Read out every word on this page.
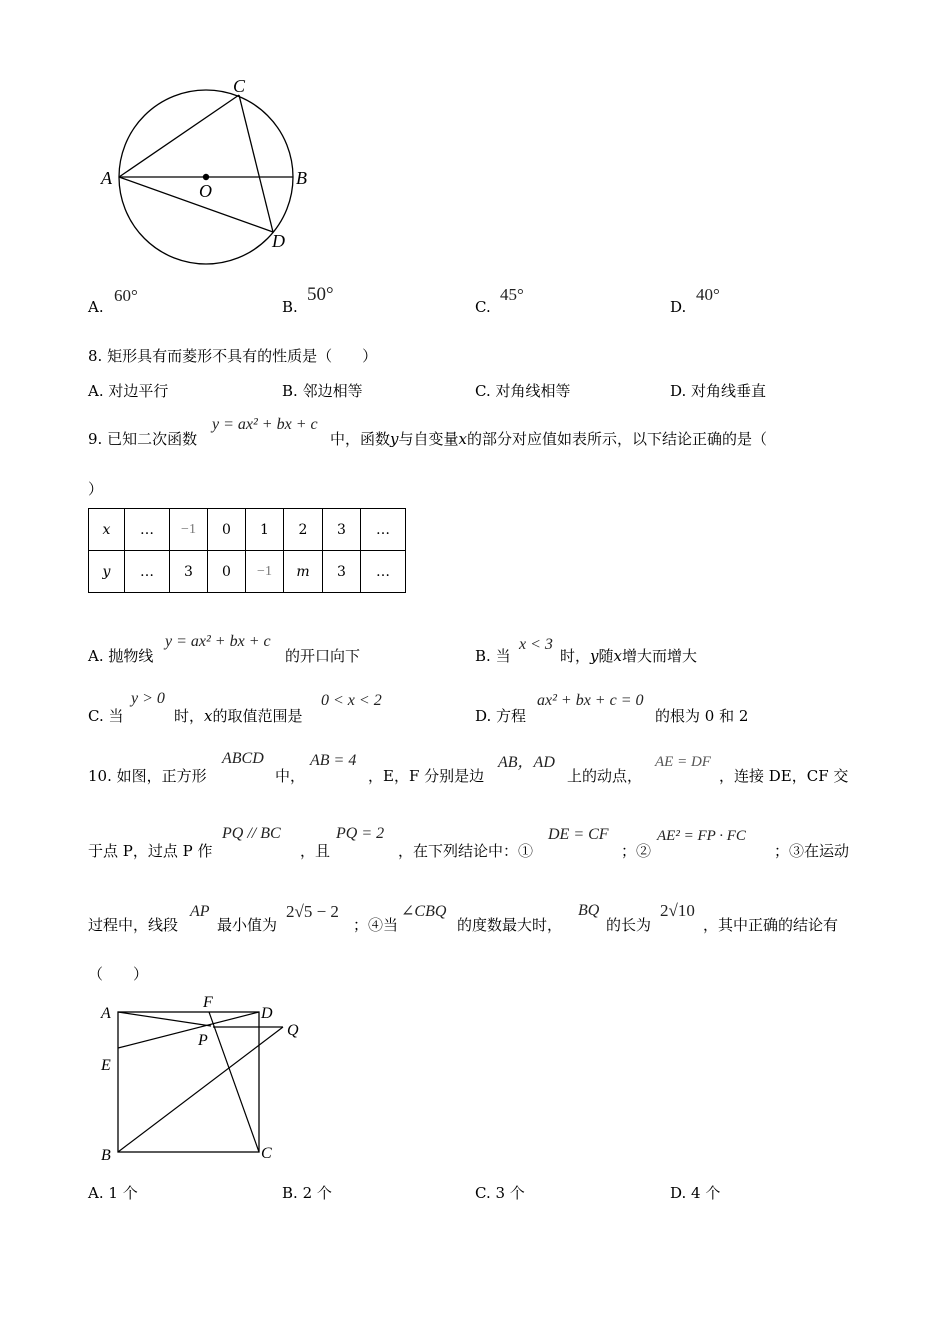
C
A	B
O
D
A.
60°
B.
50°
C.
45°
D.
40°
8. 矩形具有而菱形不具有的性质是（　　）
A. 对边平行	B. 邻边相等	C. 对角线相等	D. 对角线垂直
9. 已知二次函数
y = ax² + bx + c
中，函数y与自变量x的部分对应值如表所示，以下结论正确的是（
）
x	…	−1	0	1	2	3	…
y	…	3	0	−1	m	3	…
A. 抛物线
y = ax² + bx + c
的开口向下	B. 当
x < 3
时，y随x增大而增大
C. 当
y > 0
时，x的取值范围是
0 < x < 2
D. 方程
ax² + bx + c = 0
的根为 0 和 2
10. 如图，正方形
ABCD
中，
AB = 4
，E，F 分别是边
AB，AD
上的动点，
AE = DF
，连接 DE，CF 交
于点 P，过点 P 作
PQ // BC
，且
PQ = 2
，在下列结论中：①
DE = CF
；②
AE² = FP · FC
；③在运动
过程中，线段
AP
最小值为
2√5 − 2
；④当
∠CBQ
的度数最大时，
BQ
的长为
2√10
，其中正确的结论有
（　　）
A
F
D
Q
P
E
B	C
A. 1 个	B. 2 个	C. 3 个	D. 4 个
